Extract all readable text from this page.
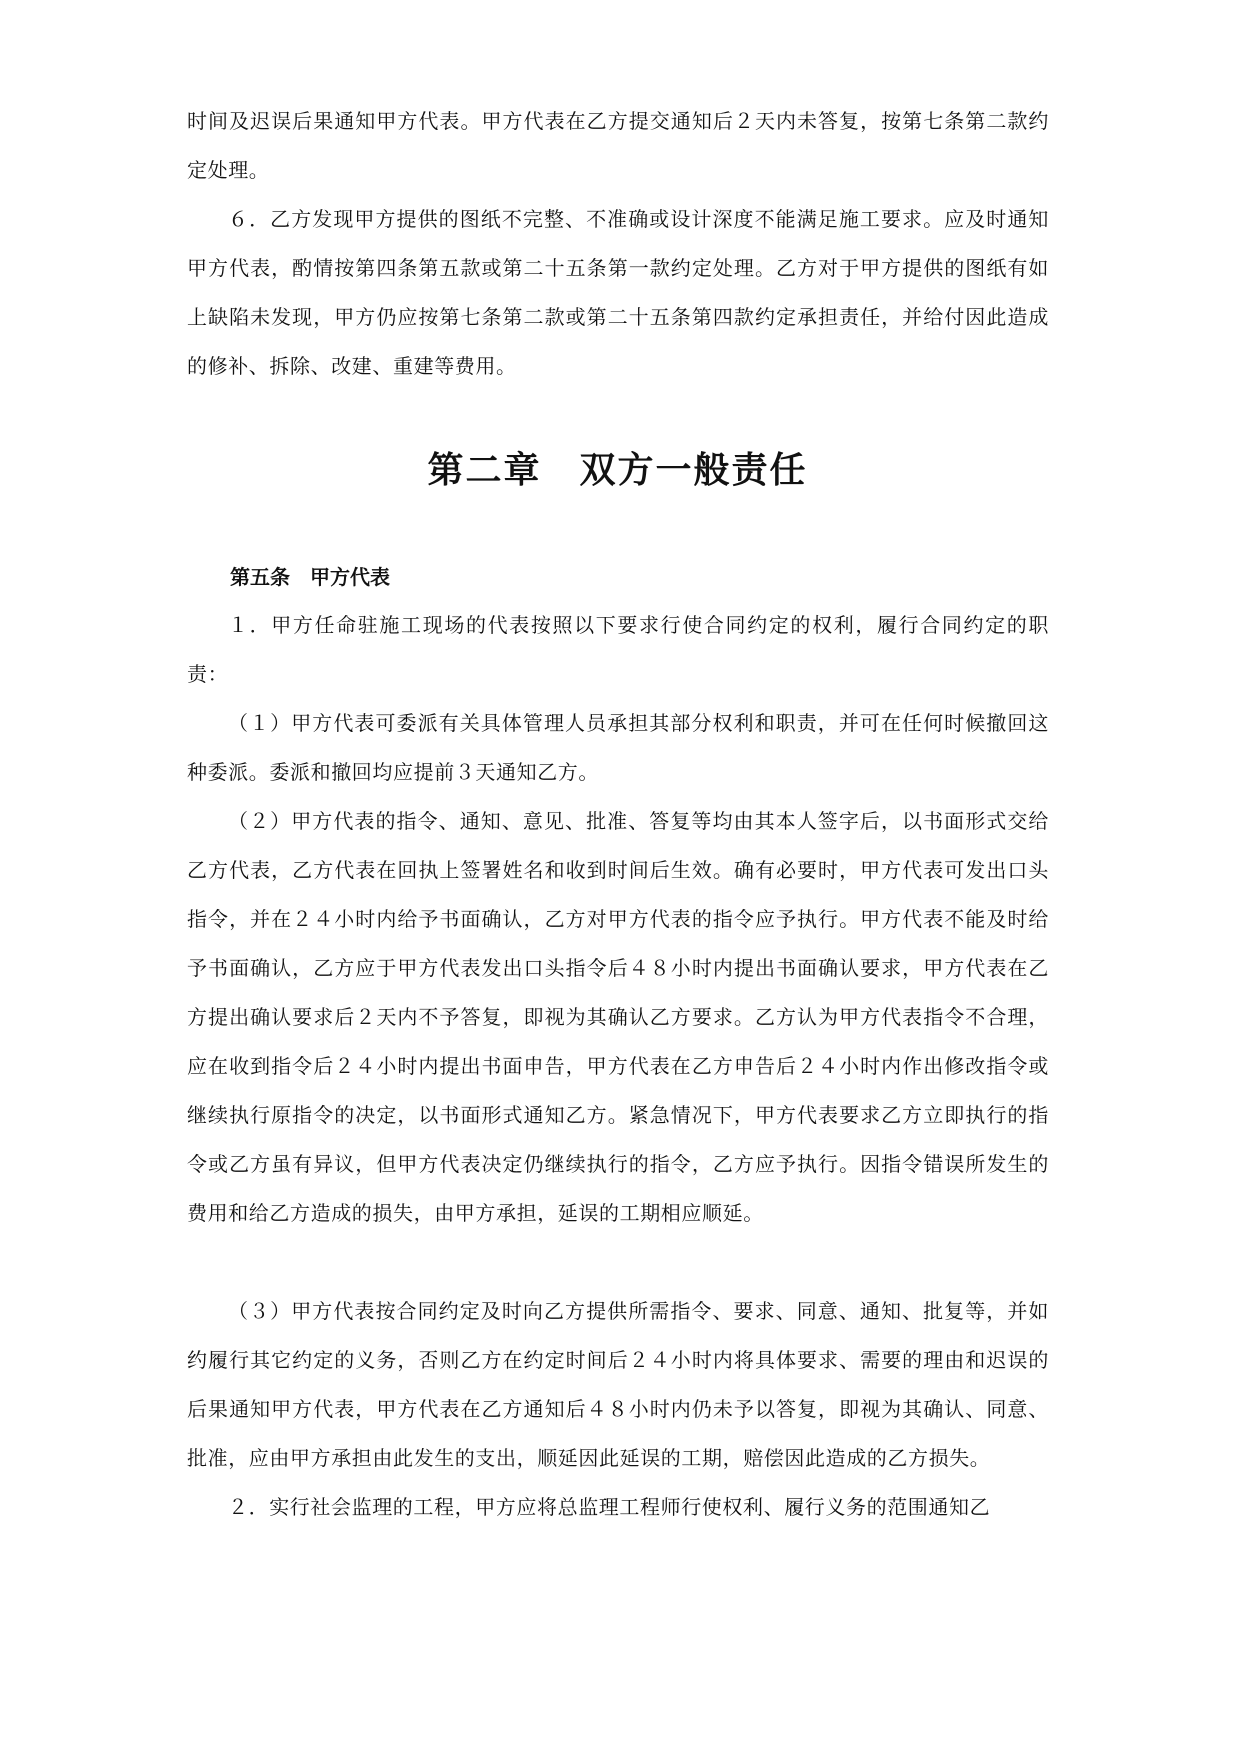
时间及迟误后果通知甲方代表。甲方代表在乙方提交通知后２天内未答复，按第七条第二款约定处理。

６．乙方发现甲方提供的图纸不完整、不准确或设计深度不能满足施工要求。应及时通知甲方代表，酌情按第四条第五款或第二十五条第一款约定处理。乙方对于甲方提供的图纸有如上缺陷未发现，甲方仍应按第七条第二款或第二十五条第四款约定承担责任，并给付因此造成的修补、拆除、改建、重建等费用。

第二章　双方一般责任
第五条　甲方代表

１．甲方任命驻施工现场的代表按照以下要求行使合同约定的权利，履行合同约定的职责：

（１）甲方代表可委派有关具体管理人员承担其部分权利和职责，并可在任何时候撤回这种委派。委派和撤回均应提前３天通知乙方。

（２）甲方代表的指令、通知、意见、批准、答复等均由其本人签字后，以书面形式交给乙方代表，乙方代表在回执上签署姓名和收到时间后生效。确有必要时，甲方代表可发出口头指令，并在２４小时内给予书面确认，乙方对甲方代表的指令应予执行。甲方代表不能及时给予书面确认，乙方应于甲方代表发出口头指令后４８小时内提出书面确认要求，甲方代表在乙方提出确认要求后２天内不予答复，即视为其确认乙方要求。乙方认为甲方代表指令不合理，应在收到指令后２４小时内提出书面申告，甲方代表在乙方申告后２４小时内作出修改指令或继续执行原指令的决定，以书面形式通知乙方。紧急情况下，甲方代表要求乙方立即执行的指令或乙方虽有异议，但甲方代表决定仍继续执行的指令，乙方应予执行。因指令错误所发生的费用和给乙方造成的损失，由甲方承担，延误的工期相应顺延。

（３）甲方代表按合同约定及时向乙方提供所需指令、要求、同意、通知、批复等，并如约履行其它约定的义务，否则乙方在约定时间后２４小时内将具体要求、需要的理由和迟误的后果通知甲方代表，甲方代表在乙方通知后４８小时内仍未予以答复，即视为其确认、同意、批准，应由甲方承担由此发生的支出，顺延因此延误的工期，赔偿因此造成的乙方损失。

２．实行社会监理的工程，甲方应将总监理工程师行使权利、履行义务的范围通知乙
